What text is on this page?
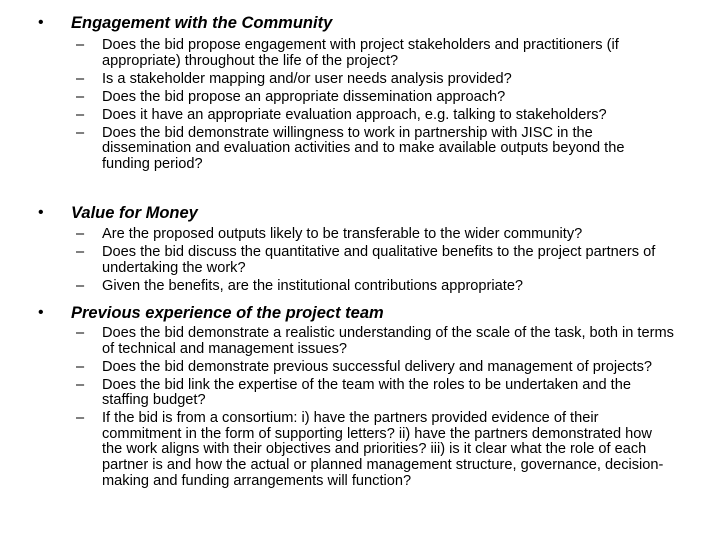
• Engagement with the Community
– Does the bid propose engagement with project stakeholders and practitioners (if appropriate) throughout the life of the project?
– Is a stakeholder mapping and/or user needs analysis provided?
– Does the bid propose an appropriate dissemination approach?
– Does it have an appropriate evaluation approach, e.g. talking to stakeholders?
– Does the bid demonstrate willingness to work in partnership with JISC in the dissemination and evaluation activities and to make available outputs beyond the funding period?
• Value for Money
– Are the proposed outputs likely to be transferable to the wider community?
– Does the bid discuss the quantitative and qualitative benefits to the project partners of undertaking the work?
– Given the benefits, are the institutional contributions appropriate?
• Previous experience of the project team
– Does the bid demonstrate a realistic understanding of the scale of the task, both in terms of technical and management issues?
– Does the bid demonstrate previous successful delivery and management of projects?
– Does the bid link the expertise of the team with the roles to be undertaken and the staffing budget?
– If the bid is from a consortium: i) have the partners provided evidence of their commitment in the form of supporting letters? ii) have the partners demonstrated how the work aligns with their objectives and priorities? iii) is it clear what the role of each partner is and how the actual or planned management structure, governance, decision-making and funding arrangements will function?
